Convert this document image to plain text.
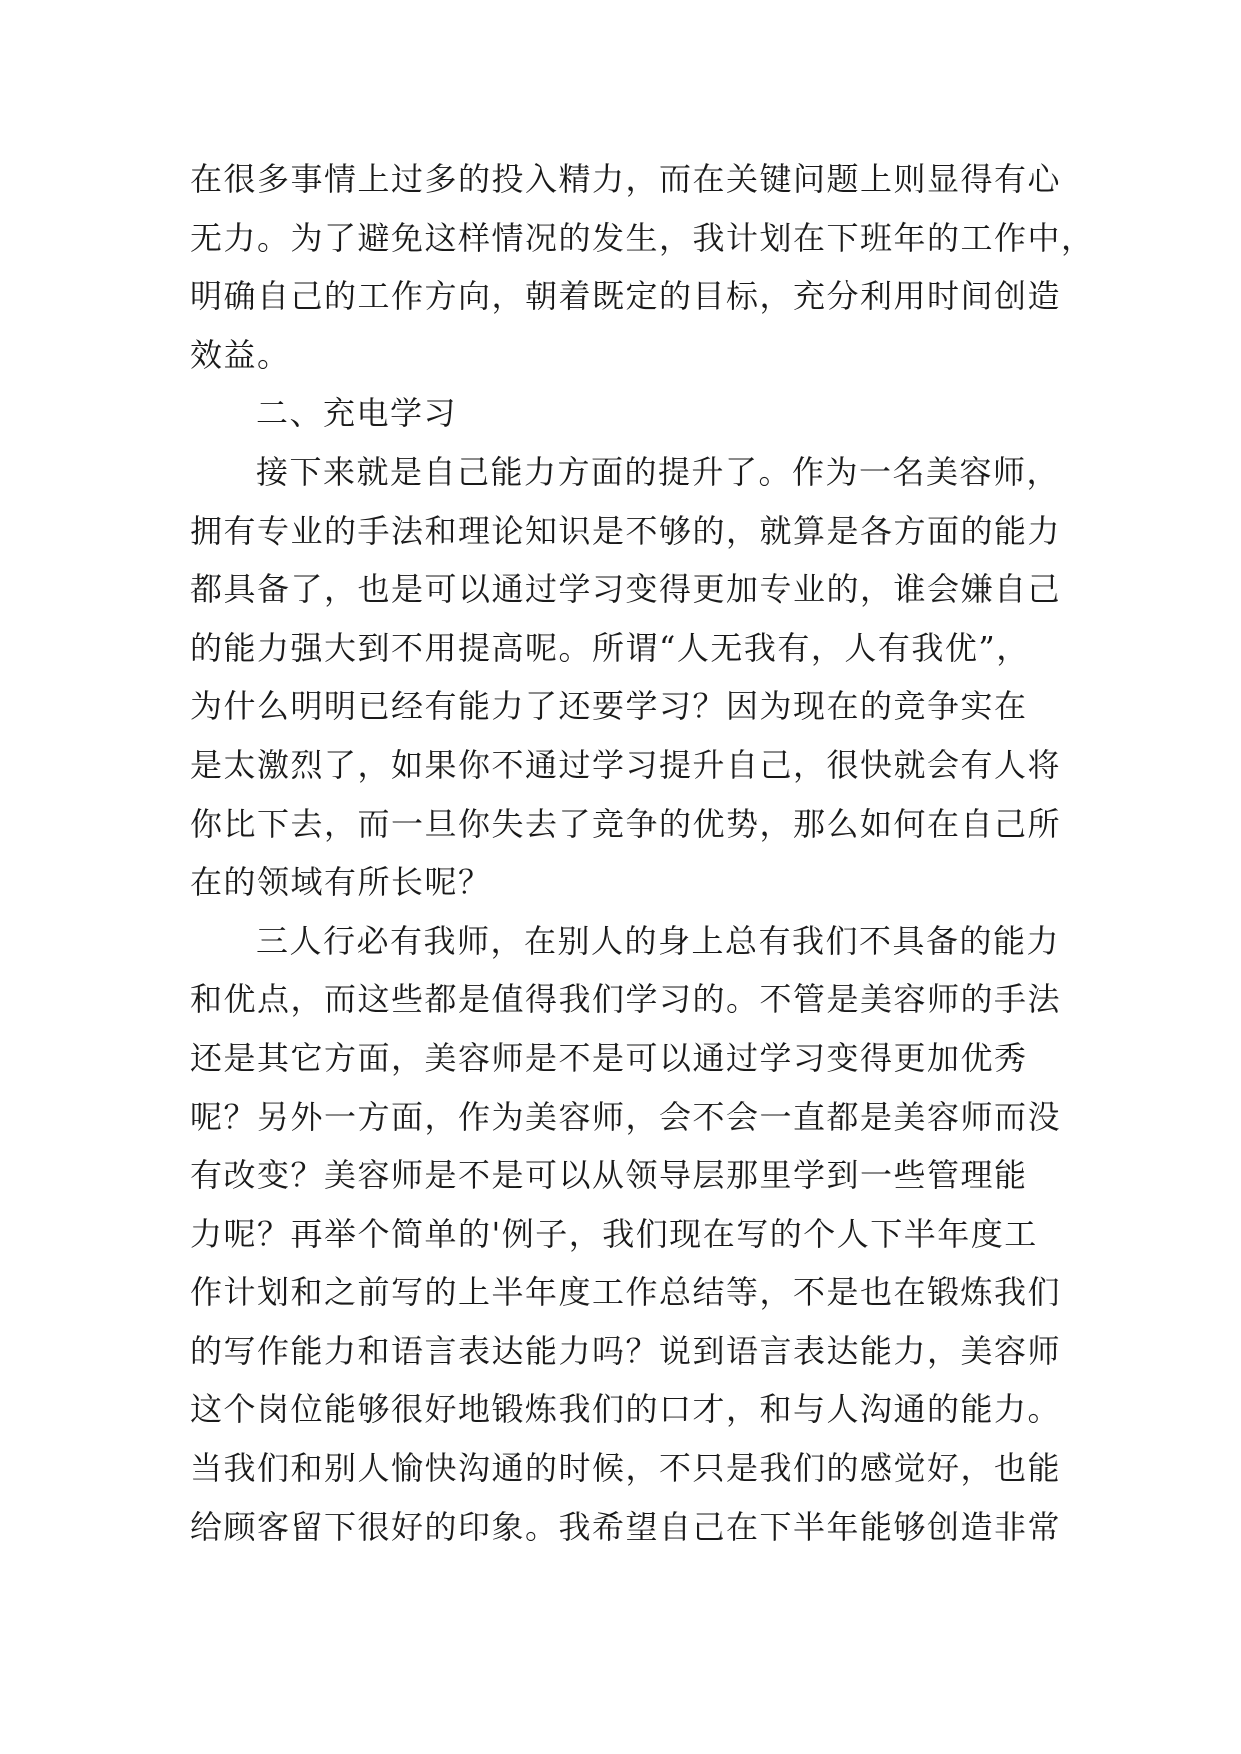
在很多事情上过多的投入精力，而在关键问题上则显得有心
无力。为了避免这样情况的发生，我计划在下班年的工作中，
明确自己的工作方向，朝着既定的目标，充分利用时间创造
效益。
二、充电学习
接下来就是自己能力方面的提升了。作为一名美容师，
拥有专业的手法和理论知识是不够的，就算是各方面的能力
都具备了，也是可以通过学习变得更加专业的，谁会嫌自己
的能力强大到不用提高呢。所谓“人无我有，人有我优”，
为什么明明已经有能力了还要学习？因为现在的竞争实在
是太激烈了，如果你不通过学习提升自己，很快就会有人将
你比下去，而一旦你失去了竞争的优势，那么如何在自己所
在的领域有所长呢？
三人行必有我师，在别人的身上总有我们不具备的能力
和优点，而这些都是值得我们学习的。不管是美容师的手法
还是其它方面，美容师是不是可以通过学习变得更加优秀
呢？另外一方面，作为美容师，会不会一直都是美容师而没
有改变？美容师是不是可以从领导层那里学到一些管理能
力呢？再举个简单的'例子，我们现在写的个人下半年度工
作计划和之前写的上半年度工作总结等，不是也在锻炼我们
的写作能力和语言表达能力吗？说到语言表达能力，美容师
这个岗位能够很好地锻炼我们的口才，和与人沟通的能力。
当我们和别人愉快沟通的时候，不只是我们的感觉好，也能
给顾客留下很好的印象。我希望自己在下半年能够创造非常
